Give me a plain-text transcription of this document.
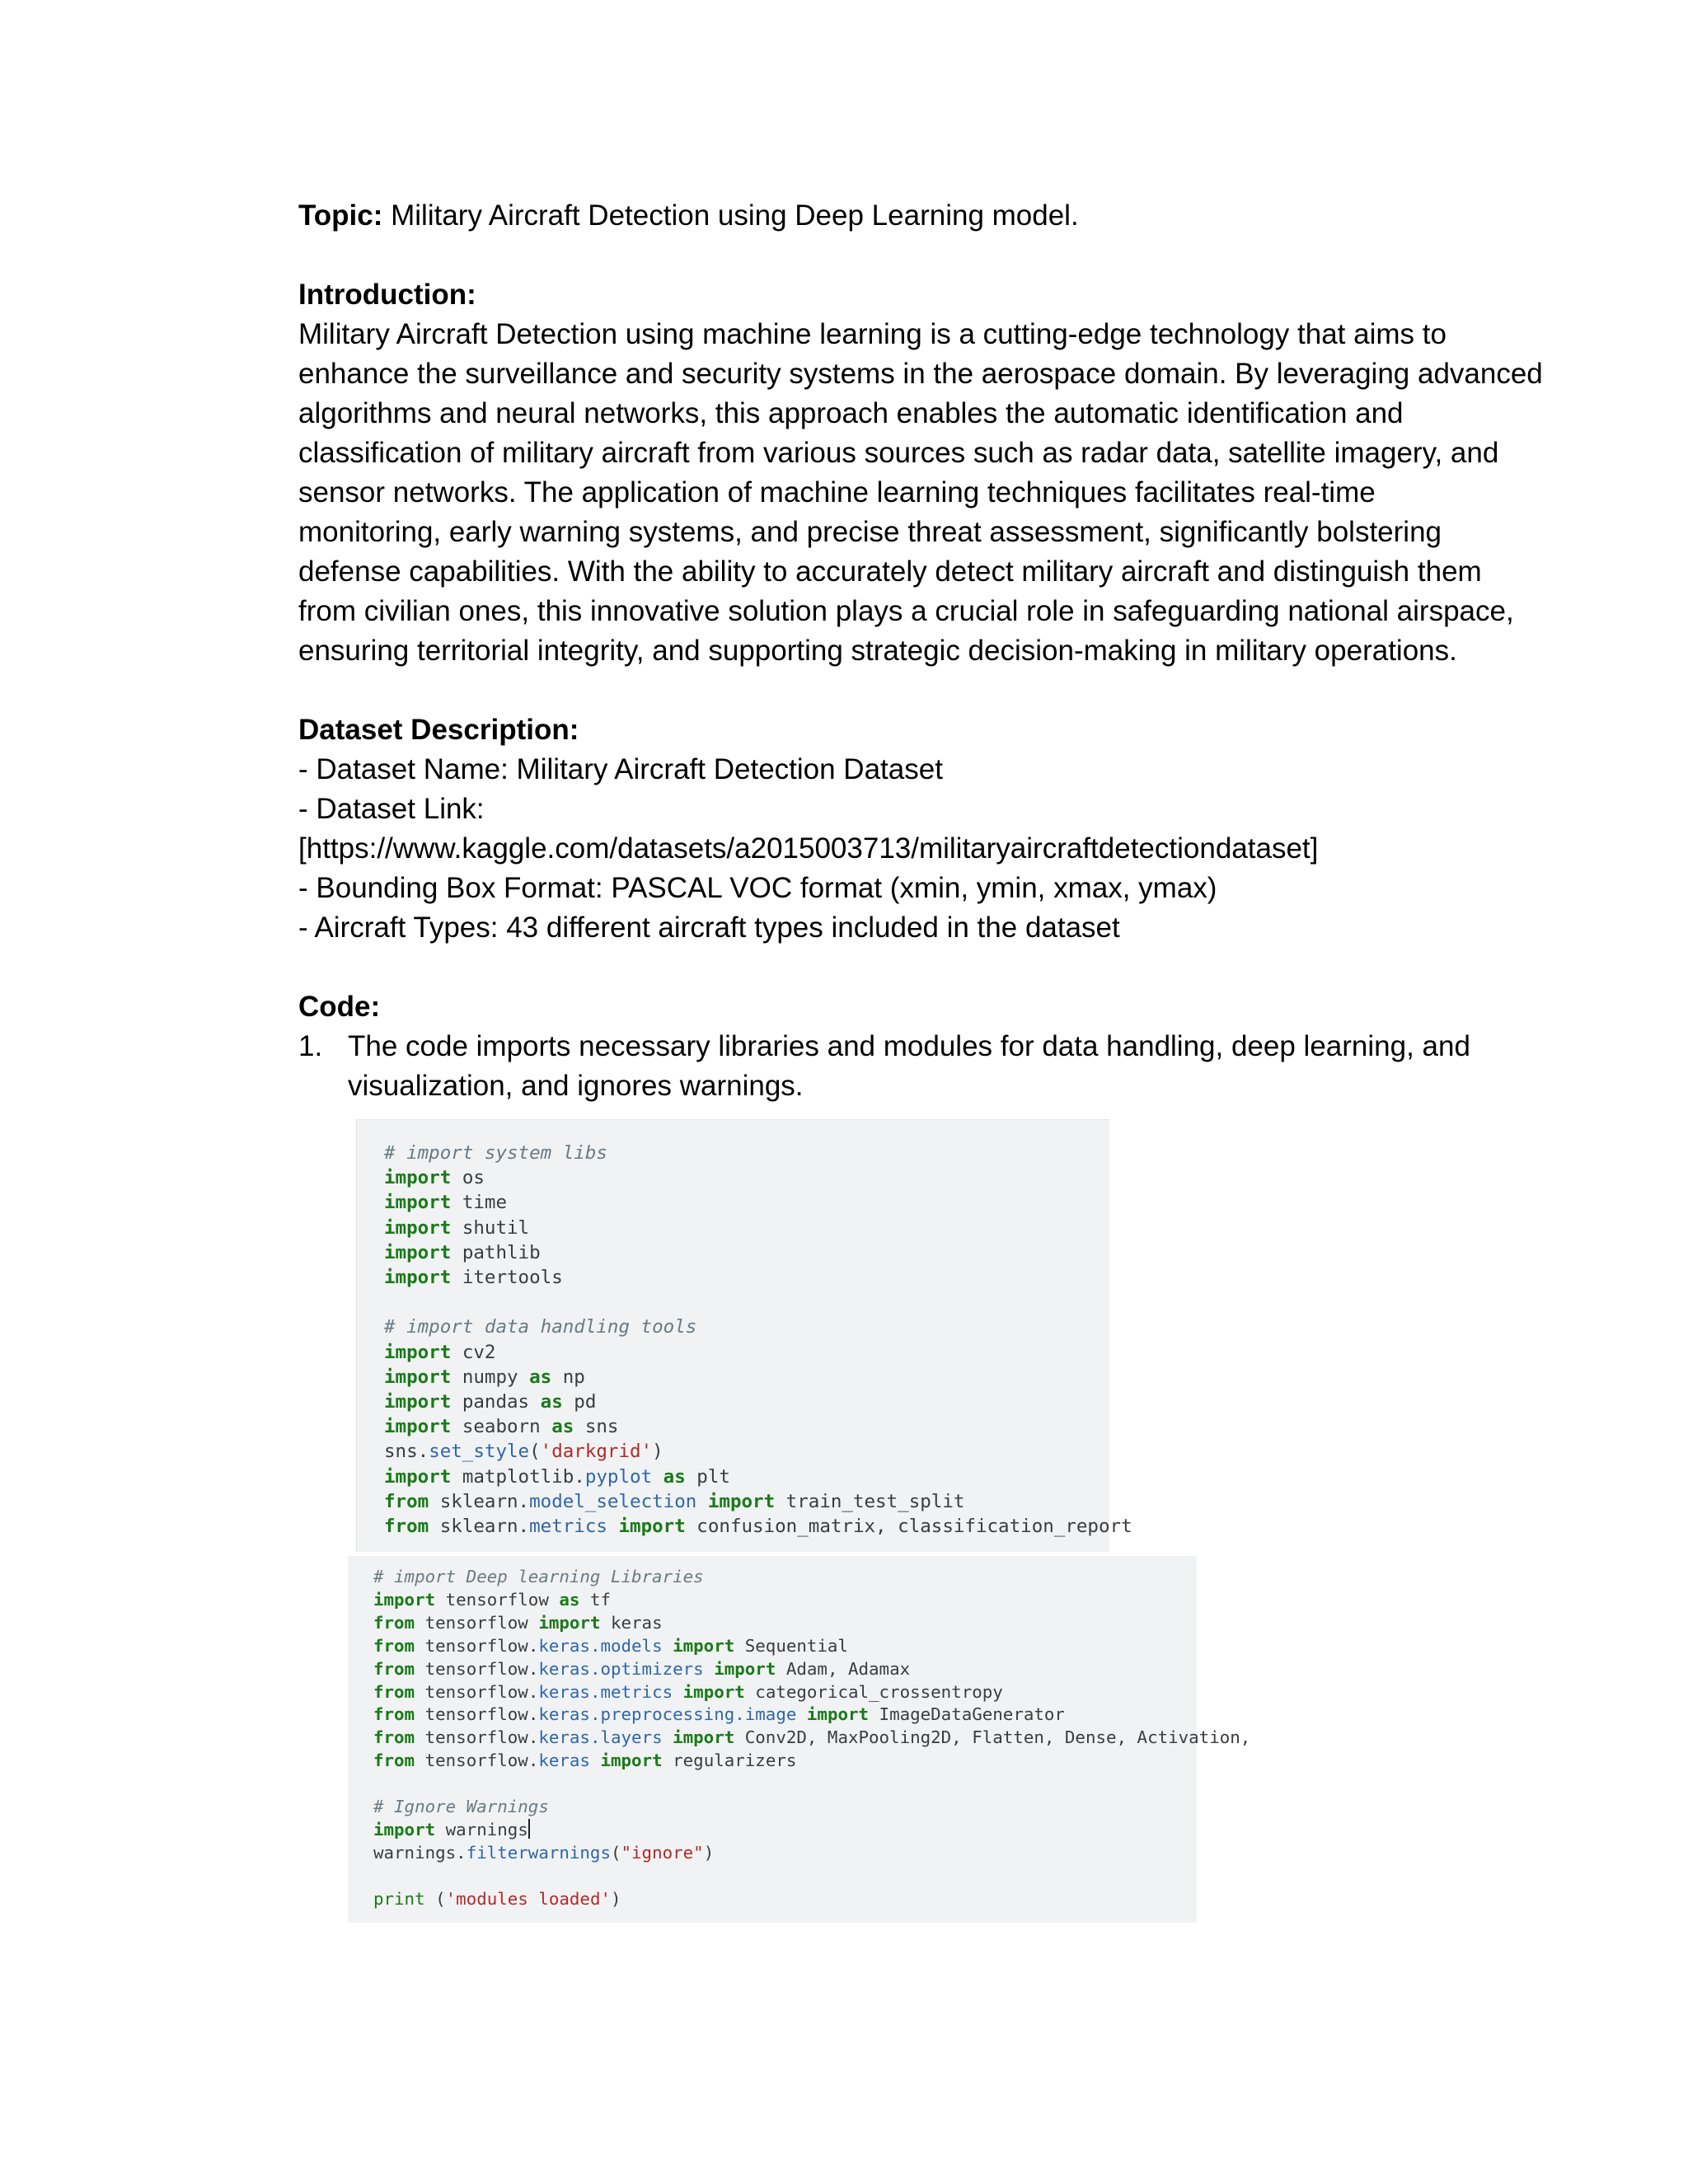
Topic: Military Aircraft Detection using Deep Learning model.
Introduction:
Military Aircraft Detection using machine learning is a cutting-edge technology that aims to
enhance the surveillance and security systems in the aerospace domain. By leveraging advanced
algorithms and neural networks, this approach enables the automatic identification and
classification of military aircraft from various sources such as radar data, satellite imagery, and
sensor networks. The application of machine learning techniques facilitates real-time
monitoring, early warning systems, and precise threat assessment, significantly bolstering
defense capabilities. With the ability to accurately detect military aircraft and distinguish them
from civilian ones, this innovative solution plays a crucial role in safeguarding national airspace,
ensuring territorial integrity, and supporting strategic decision-making in military operations.
Dataset Description:
- Dataset Name: Military Aircraft Detection Dataset
- Dataset Link:
[https://www.kaggle.com/datasets/a2015003713/militaryaircraftdetectiondataset]
- Bounding Box Format: PASCAL VOC format (xmin, ymin, xmax, ymax)
- Aircraft Types: 43 different aircraft types included in the dataset
Code:
1. The code imports necessary libraries and modules for data handling, deep learning, and
visualization, and ignores warnings.
# import system libs
import os
import time
import shutil
import pathlib
import itertools

# import data handling tools
import cv2
import numpy as np
import pandas as pd
import seaborn as sns
sns.set_style('darkgrid')
import matplotlib.pyplot as plt
from sklearn.model_selection import train_test_split
from sklearn.metrics import confusion_matrix, classification_report
# import Deep learning Libraries
import tensorflow as tf
from tensorflow import keras
from tensorflow.keras.models import Sequential
from tensorflow.keras.optimizers import Adam, Adamax
from tensorflow.keras.metrics import categorical_crossentropy
from tensorflow.keras.preprocessing.image import ImageDataGenerator
from tensorflow.keras.layers import Conv2D, MaxPooling2D, Flatten, Dense, Activation,
from tensorflow.keras import regularizers

# Ignore Warnings
import warnings
warnings.filterwarnings("ignore")

print ('modules loaded')
